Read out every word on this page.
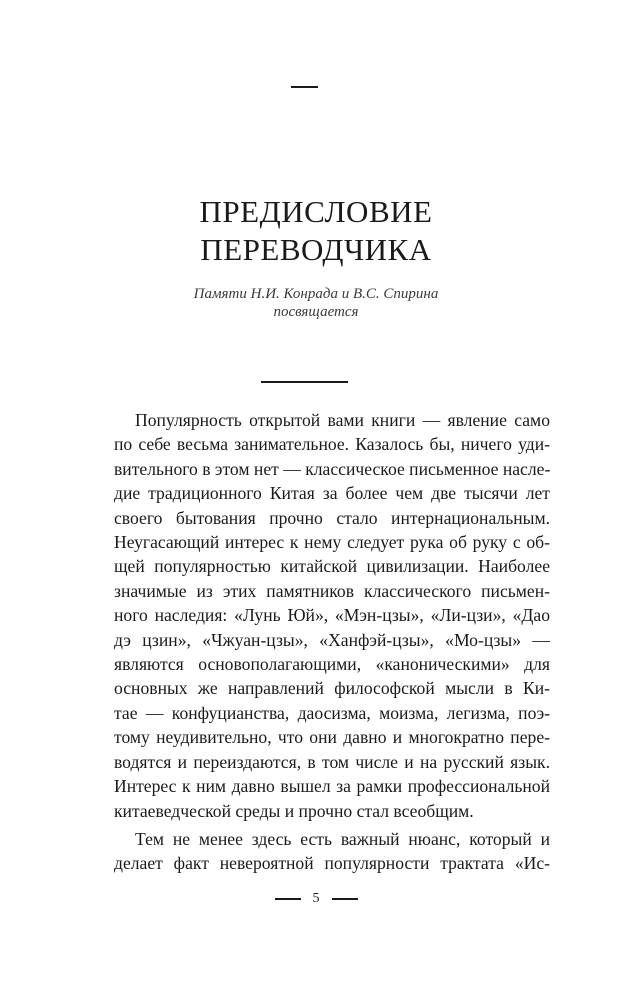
ПРЕДИСЛОВИЕ
ПЕРЕВОДЧИКА
Памяти Н.И. Конрада и В.С. Спирина
посвящается

Популярность открытой вами книги — явление само
по себе весьма занимательное. Казалось бы, ничего уди-
вительного в этом нет — классическое письменное насле-
дие традиционного Китая за более чем две тысячи лет
своего бытования прочно стало интернациональным.
Неугасающий интерес к нему следует рука об руку с об-
щей популярностью китайской цивилизации. Наиболее
значимые из этих памятников классического письмен-
ного наследия: «Лунь Юй», «Мэн-цзы», «Ли-цзи», «Дао
дэ цзин», «Чжуан-цзы», «Ханфэй-цзы», «Мо-цзы» —
являются основополагающими, «каноническими» для
основных же направлений философской мысли в Ки-
тае — конфуцианства, даосизма, моизма, легизма, поэ-
тому неудивительно, что они давно и многократно пере-
водятся и переиздаются, в том числе и на русский язык.
Интерес к ним давно вышел за рамки профессиональной
китаеведческой среды и прочно стал всеобщим.

Тем не менее здесь есть важный нюанс, который и
делает факт невероятной популярности трактата «Ис-

5
